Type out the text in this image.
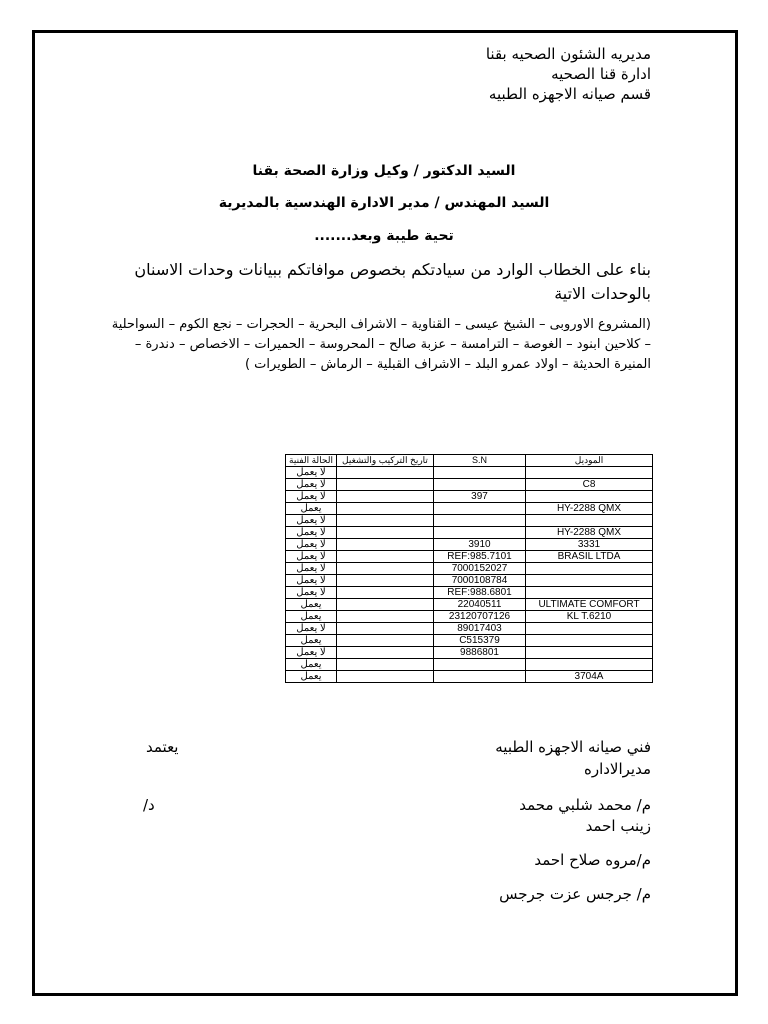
مديريه الشئون الصحيه بقنا
ادارة قنا الصحيه
قسم صيانه الاجهزه الطبيه
السيد الدكتور / وكيل وزارة الصحة بقنا
السيد المهندس / مدير الادارة الهندسية بالمديرية
تحية طيبة وبعد.......
بناء على الخطاب الوارد من سيادتكم بخصوص موافاتكم ببيانات وحدات الاسنان بالوحدات الاتية
(المشروع الاوروبى – الشيخ عيسى – القناوية – الاشراف البحرية – الحجرات – نجع الكوم – السواحلية – كلاحين ابنود – الغوصة – الترامسة – عزبة صالح – المحروسة – الحميرات – الاخصاص – دندرة – المنيرة الحديثة – اولاد عمرو البلد – الاشراف القبلية – الرماش – الطويرات )
الموديل	S.N	تاريخ التركيب والتشغيل	الحالة الفنية
			لا يعمل
C8			لا يعمل
	397		لا يعمل
HY-2288 QMX			يعمل
			لا يعمل
HY-2288 QMX			لا يعمل
3331	3910		لا يعمل
BRASIL LTDA	REF:985.7101		لا يعمل
	7000152027		لا يعمل
	7000108784		لا يعمل
	REF:988.6801		لا يعمل
ULTIMATE COMFORT	22040511		يعمل
KL T.6210	23120707126		يعمل
	89017403		لا يعمل
	C515379		يعمل
	9886801		لا يعمل
			يعمل
3704A			يعمل
فني صيانه الاجهزه الطبيه
يعتمد
مديرالاداره
م/ محمد شلبي محمد
د/
زينب احمد
م/مروه صلاح احمد
م/ جرجس عزت جرجس
